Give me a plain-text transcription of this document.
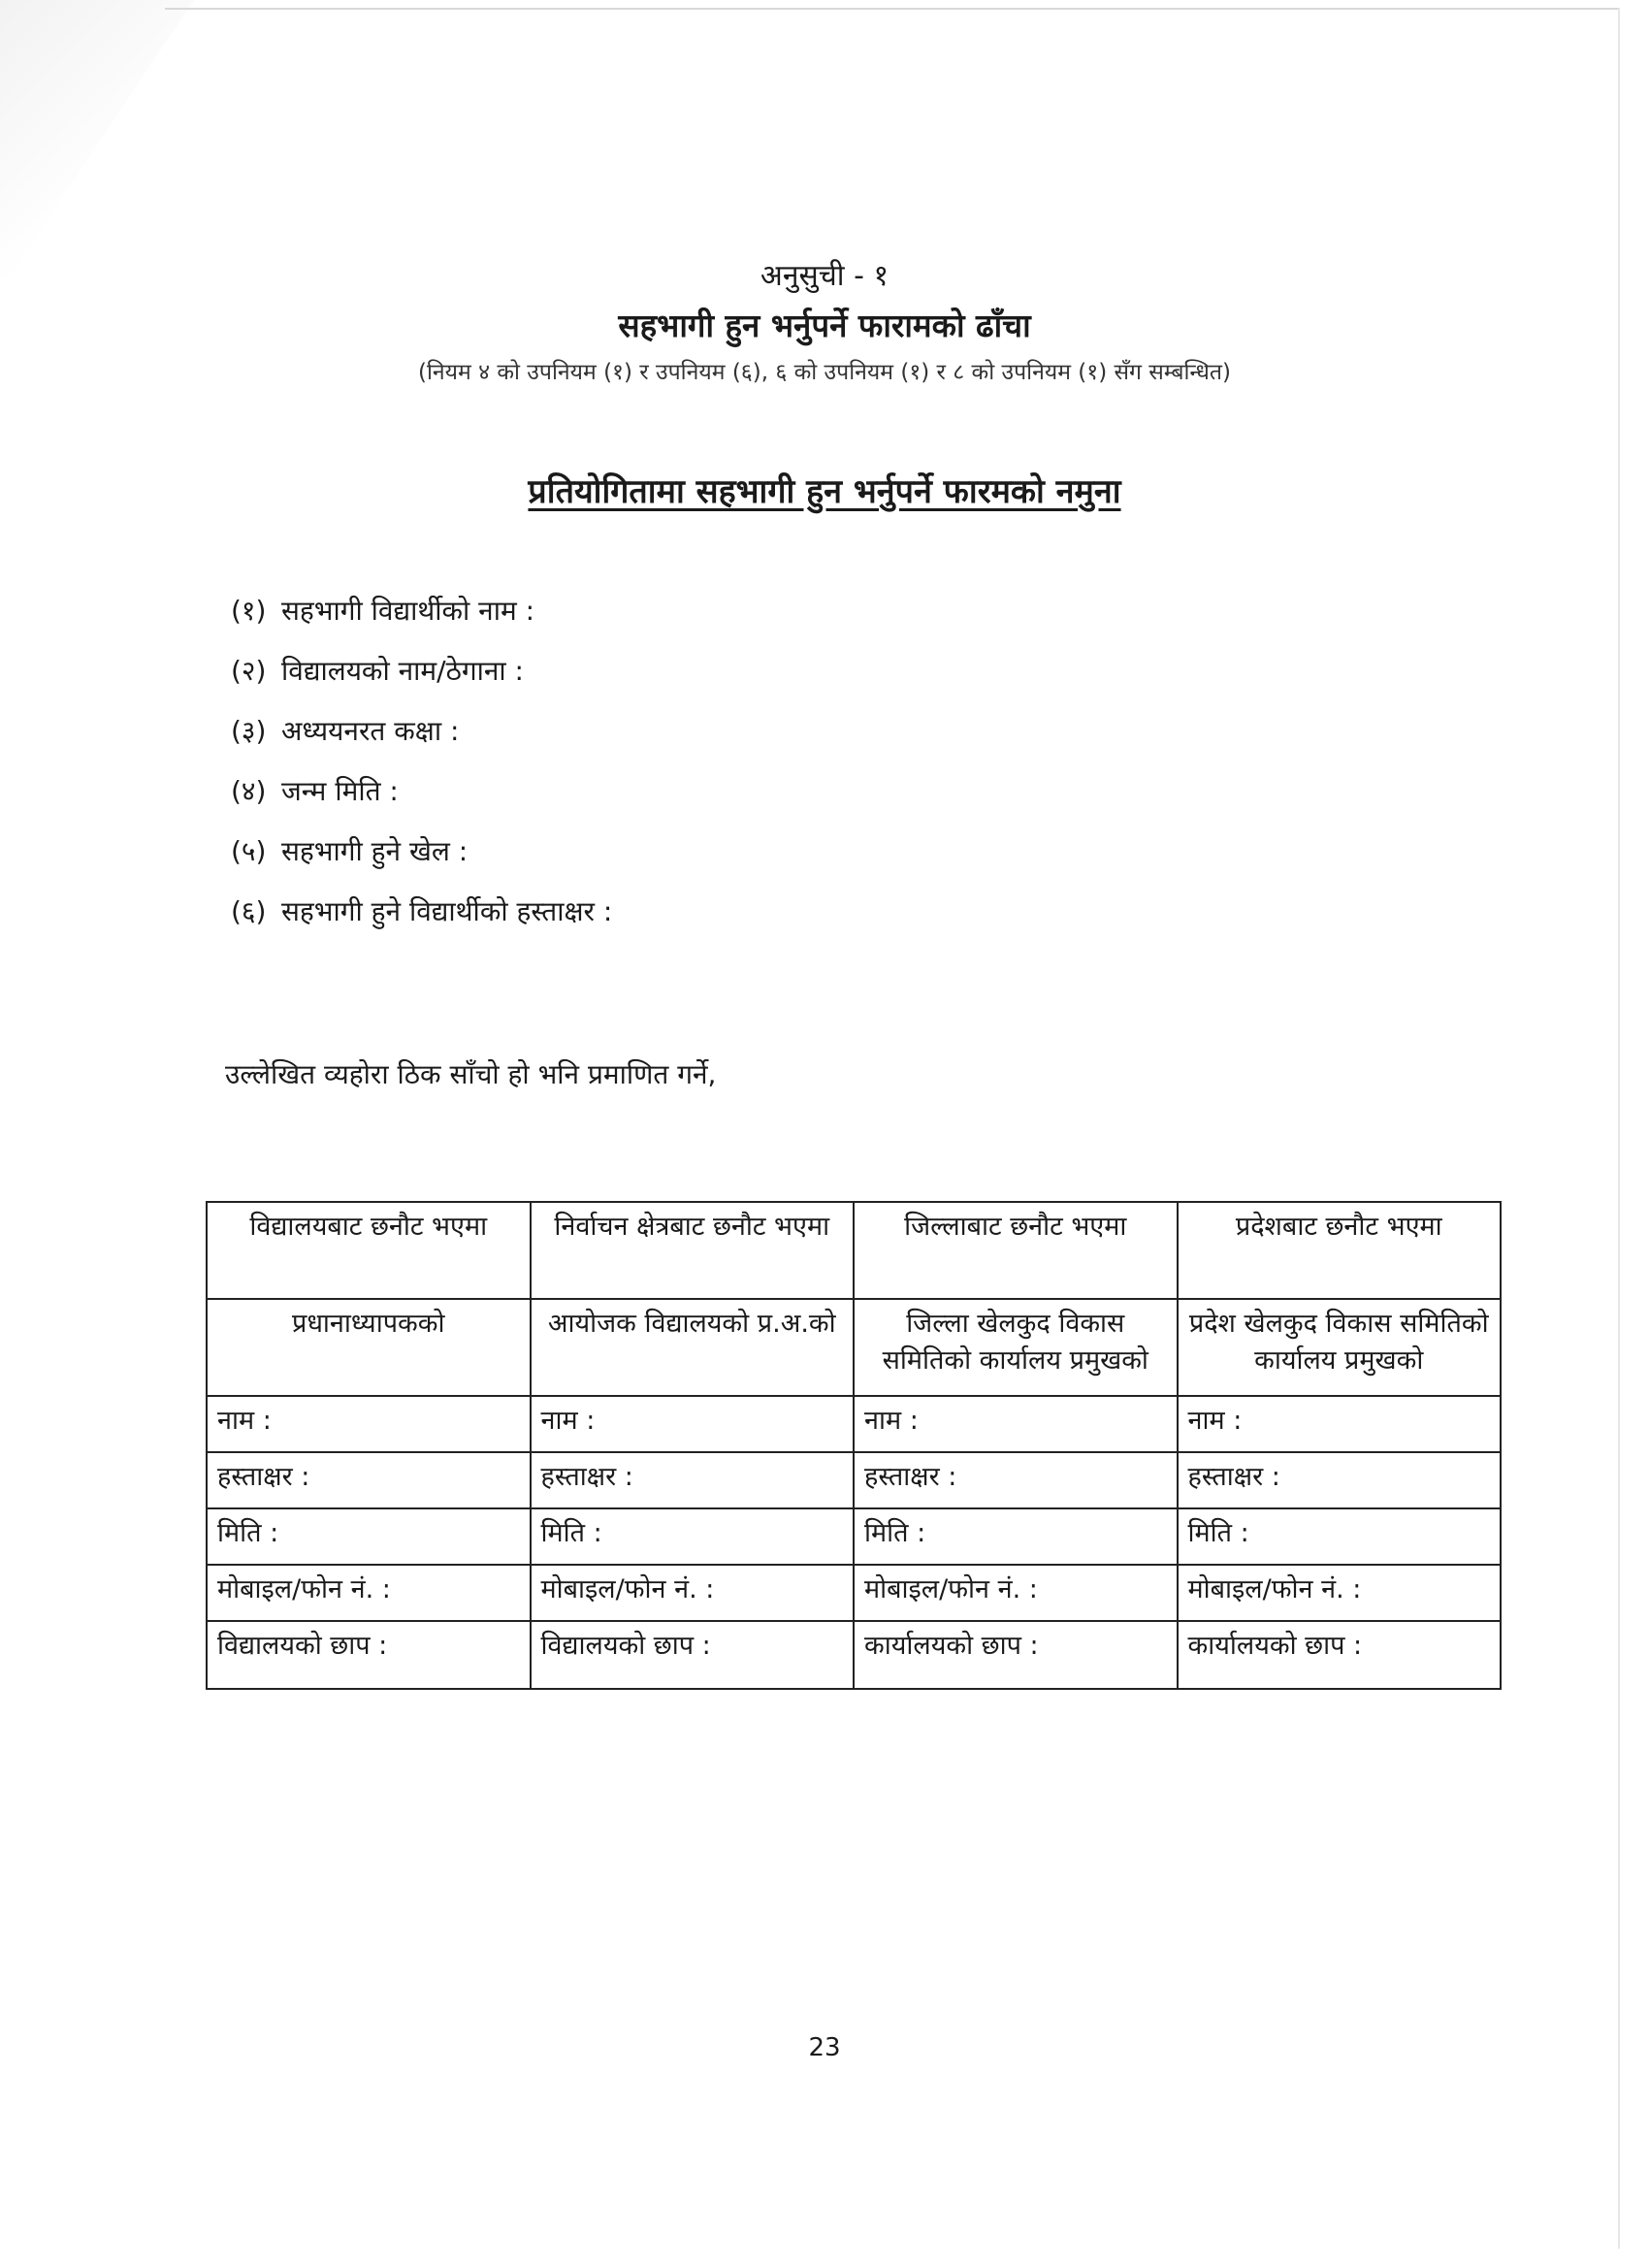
अनुसुची - १
सहभागी हुन भर्नुपर्ने फारामको ढाँचा
(नियम ४ को उपनियम (१) र उपनियम (६), ६ को उपनियम (१) र ८ को उपनियम (१) सँग सम्बन्धित)
प्रतियोगितामा सहभागी हुन भर्नुपर्ने फारमको नमुना
(१) सहभागी विद्यार्थीको नाम :
(२) विद्यालयको नाम/ठेगाना :
(३) अध्ययनरत कक्षा :
(४) जन्म मिति :
(५) सहभागी हुने खेल :
(६) सहभागी हुने विद्यार्थीको हस्ताक्षर :
उल्लेखित व्यहोरा ठिक साँचो हो भनि प्रमाणित गर्ने,
विद्यालयबाट छनौट भएमा	निर्वाचन क्षेत्रबाट छनौट भएमा	जिल्लाबाट छनौट भएमा	प्रदेशबाट छनौट भएमा
प्रधानाध्यापकको	आयोजक विद्यालयको प्र.अ.को	जिल्ला खेलकुद विकास समितिको कार्यालय प्रमुखको	प्रदेश खेलकुद विकास समितिको कार्यालय प्रमुखको
नाम :	नाम :	नाम :	नाम :
हस्ताक्षर :	हस्ताक्षर :	हस्ताक्षर :	हस्ताक्षर :
मिति :	मिति :	मिति :	मिति :
मोबाइल/फोन नं. :	मोबाइल/फोन नं. :	मोबाइल/फोन नं. :	मोबाइल/फोन नं. :
विद्यालयको छाप :	विद्यालयको छाप :	कार्यालयको छाप :	कार्यालयको छाप :
23
